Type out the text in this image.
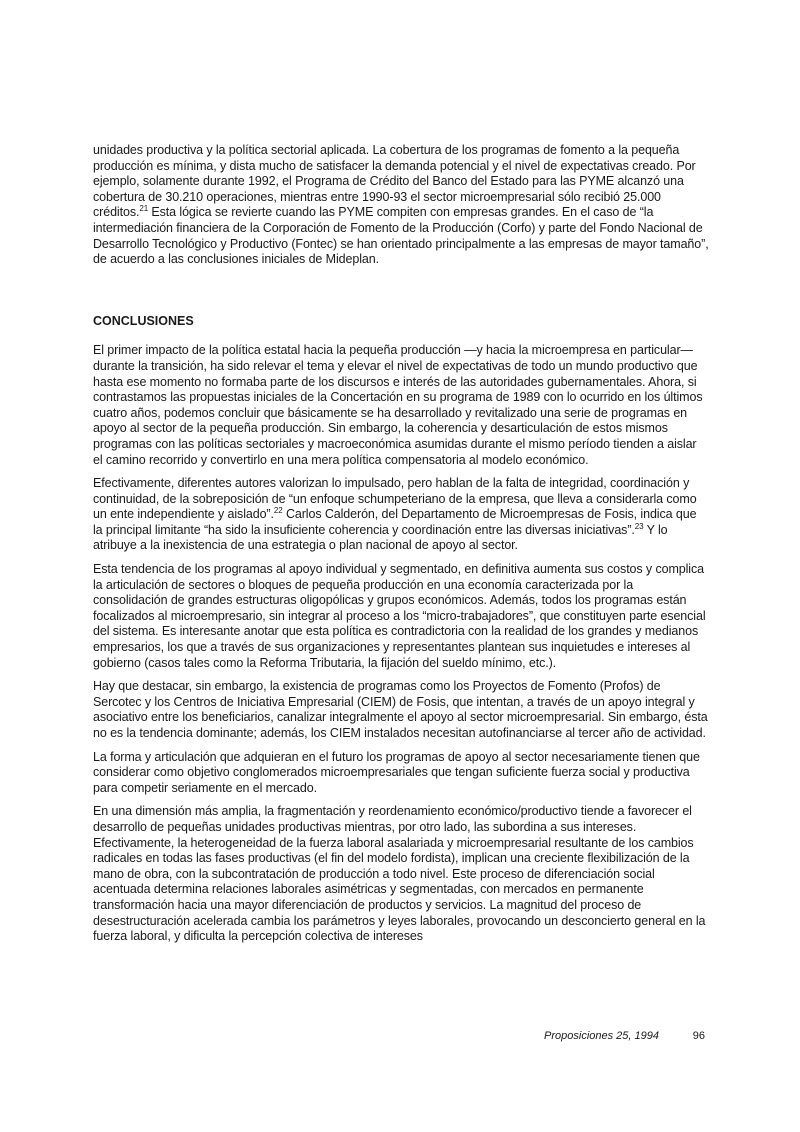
unidades productiva y la política sectorial aplicada. La cobertura de los programas de fomento a la pequeña producción es mínima, y dista mucho de satisfacer la demanda potencial y el nivel de expectativas creado. Por ejemplo, solamente durante 1992, el Programa de Crédito del Banco del Estado para las PYME alcanzó una cobertura de 30.210 operaciones, mientras entre 1990-93 el sector microempresarial sólo recibió 25.000 créditos.$^{21}$ Esta lógica se revierte cuando las PYME compiten con empresas grandes. En el caso de “la intermediación financiera de la Corporación de Fomento de la Producción (Corfo) y parte del Fondo Nacional de Desarrollo Tecnológico y Productivo (Fontec) se han orientado principalmente a las empresas de mayor tamaño”, de acuerdo a las conclusiones iniciales de Mideplan.

CONCLUSIONES

El primer impacto de la política estatal hacia la pequeña producción —y hacia la microempresa en particular— durante la transición, ha sido relevar el tema y elevar el nivel de expectativas de todo un mundo productivo que hasta ese momento no formaba parte de los discursos e interés de las autoridades gubernamentales. Ahora, si contrastamos las propuestas iniciales de la Concertación en su programa de 1989 con lo ocurrido en los últimos cuatro años, podemos concluir que básicamente se ha desarrollado y revitalizado una serie de programas en apoyo al sector de la pequeña producción. Sin embargo, la coherencia y desarticulación de estos mismos programas con las políticas sectoriales y macroeconómica asumidas durante el mismo período tienden a aislar el camino recorrido y convertirlo en una mera política compensatoria al modelo económico.

Efectivamente, diferentes autores valorizan lo impulsado, pero hablan de la falta de integridad, coordinación y continuidad, de la sobreposición de “un enfoque schumpeteriano de la empresa, que lleva a considerarla como un ente independiente y aislado”.$^{22}$ Carlos Calderón, del Departamento de Microempresas de Fosis, indica que la principal limitante “ha sido la insuficiente coherencia y coordinación entre las diversas iniciativas”.$^{23}$ Y lo atribuye a la inexistencia de una estrategia o plan nacional de apoyo al sector.

Esta tendencia de los programas al apoyo individual y segmentado, en definitiva aumenta sus costos y complica la articulación de sectores o bloques de pequeña producción en una economía caracterizada por la consolidación de grandes estructuras oligopólicas y grupos económicos. Además, todos los programas están focalizados al microempresario, sin integrar al proceso a los “micro-trabajadores”, que constituyen parte esencial del sistema. Es interesante anotar que esta política es contradictoria con la realidad de los grandes y medianos empresarios, los que a través de sus organizaciones y representantes plantean sus inquietudes e intereses al gobierno (casos tales como la Reforma Tributaria, la fijación del sueldo mínimo, etc.).

Hay que destacar, sin embargo, la existencia de programas como los Proyectos de Fomento (Profos) de Sercotec y los Centros de Iniciativa Empresarial (CIEM) de Fosis, que intentan, a través de un apoyo integral y asociativo entre los beneficiarios, canalizar integralmente el apoyo al sector microempresarial. Sin embargo, ésta no es la tendencia dominante; además, los CIEM instalados necesitan autofinanciarse al tercer año de actividad.

La forma y articulación que adquieran en el futuro los programas de apoyo al sector necesariamente tienen que considerar como objetivo conglomerados microempresariales que tengan suficiente fuerza social y productiva para competir seriamente en el mercado.

En una dimensión más amplia, la fragmentación y reordenamiento económico/productivo tiende a favorecer el desarrollo de pequeñas unidades productivas mientras, por otro lado, las subordina a sus intereses. Efectivamente, la heterogeneidad de la fuerza laboral asalariada y microempresarial resultante de los cambios radicales en todas las fases productivas (el fin del modelo fordista), implican una creciente flexibilización de la mano de obra, con la subcontratación de producción a todo nivel. Este proceso de diferenciación social acentuada determina relaciones laborales asimétricas y segmentadas, con mercados en permanente transformación hacia una mayor diferenciación de productos y servicios. La magnitud del proceso de desestructuración acelerada cambia los parámetros y leyes laborales, provocando un desconcierto general en la fuerza laboral, y dificulta la percepción colectiva de intereses

Proposiciones 25, 1994	96
